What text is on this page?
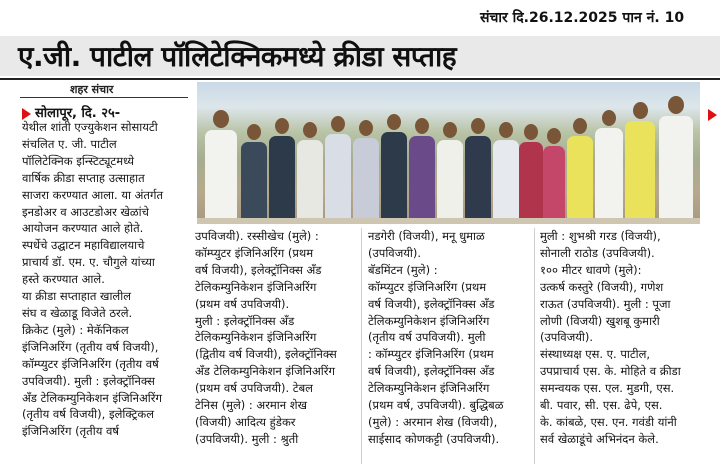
संचार दि.26.12.2025 पान नं. 10
ए.जी. पाटील पॉलिटेक्निकमध्ये क्रीडा सप्ताह
शहर संचार
सोलापूर, दि. २५-
येथील शांती एज्युकेशन सोसायटी
संचलित ए. जी. पाटील
पॉलिटेक्निक इन्स्टिट्यूटमध्ये
वार्षिक क्रीडा सप्ताह उत्साहात
साजरा करण्यात आला. या अंतर्गत
इनडोअर व आउटडोअर खेळांचे
आयोजन करण्यात आले होते.
स्पर्धेचे उद्घाटन महाविद्यालयाचे
प्राचार्य डॉ. एम. ए. चौगुले यांच्या
हस्ते करण्यात आले.
या क्रीडा सप्ताहात खालील
संघ व खेळाडू विजेते ठरले.
क्रिकेट (मुले) : मेकॅनिकल
इंजिनिअरिंग (तृतीय वर्ष विजयी),
कॉम्प्युटर इंजिनिअरिंग (तृतीय वर्ष
उपविजयी). मुली : इलेक्ट्रॉनिक्स
अँड टेलिकम्युनिकेशन इंजिनिअरिंग
(तृतीय वर्ष विजयी), इलेक्ट्रिकल
इंजिनिअरिंग (तृतीय वर्ष
उपविजयी). रस्सीखेच (मुले) :
कॉम्प्युटर इंजिनिअरिंग (प्रथम
वर्ष विजयी), इलेक्ट्रॉनिक्स अँड
टेलिकम्युनिकेशन इंजिनिअरिंग
(प्रथम वर्ष उपविजयी).
मुली : इलेक्ट्रॉनिक्स अँड
टेलिकम्युनिकेशन इंजिनिअरिंग
(द्वितीय वर्ष विजयी), इलेक्ट्रॉनिक्स
अँड टेलिकम्युनिकेशन इंजिनिअरिंग
(प्रथम वर्ष उपविजयी). टेबल
टेनिस (मुले) : अरमान शेख
(विजयी) आदित्य हुंडेकर
(उपविजयी). मुली : श्रुती
नडगेरी (विजयी), मनू धुमाळ
(उपविजयी).
बॅडमिंटन (मुले) :
कॉम्प्युटर इंजिनिअरिंग (प्रथम
वर्ष विजयी), इलेक्ट्रॉनिक्स अँड
टेलिकम्युनिकेशन इंजिनिअरिंग
(तृतीय वर्ष उपविजयी). मुली
: कॉम्प्युटर इंजिनिअरिंग (प्रथम
वर्ष विजयी), इलेक्ट्रॉनिक्स अँड
टेलिकम्युनिकेशन इंजिनिअरिंग
(प्रथम वर्ष, उपविजयी). बुद्धिबळ
(मुले) : अरमान शेख (विजयी),
साईसाद कोणकट्टी (उपविजयी).
मुली : शुभश्री गरड (विजयी),
सोनाली राठोड (उपविजयी).
१०० मीटर धावणे (मुले):
उत्कर्ष कस्तुरे (विजयी), गणेश
राऊत (उपविजयी). मुली : पूजा
लोणी (विजयी) खुशबू कुमारी
(उपविजयी).
संस्थाध्यक्ष एस. ए. पाटील,
उपप्राचार्य एस. के. मोहिते व क्रीडा
समन्वयक एस. एल. मुडगी, एस.
बी. पवार, सी. एस. ढेपे, एस.
के. कांबळे, एस. एन. गवंडी यांनी
सर्व खेळाडूंचे अभिनंदन केले.
